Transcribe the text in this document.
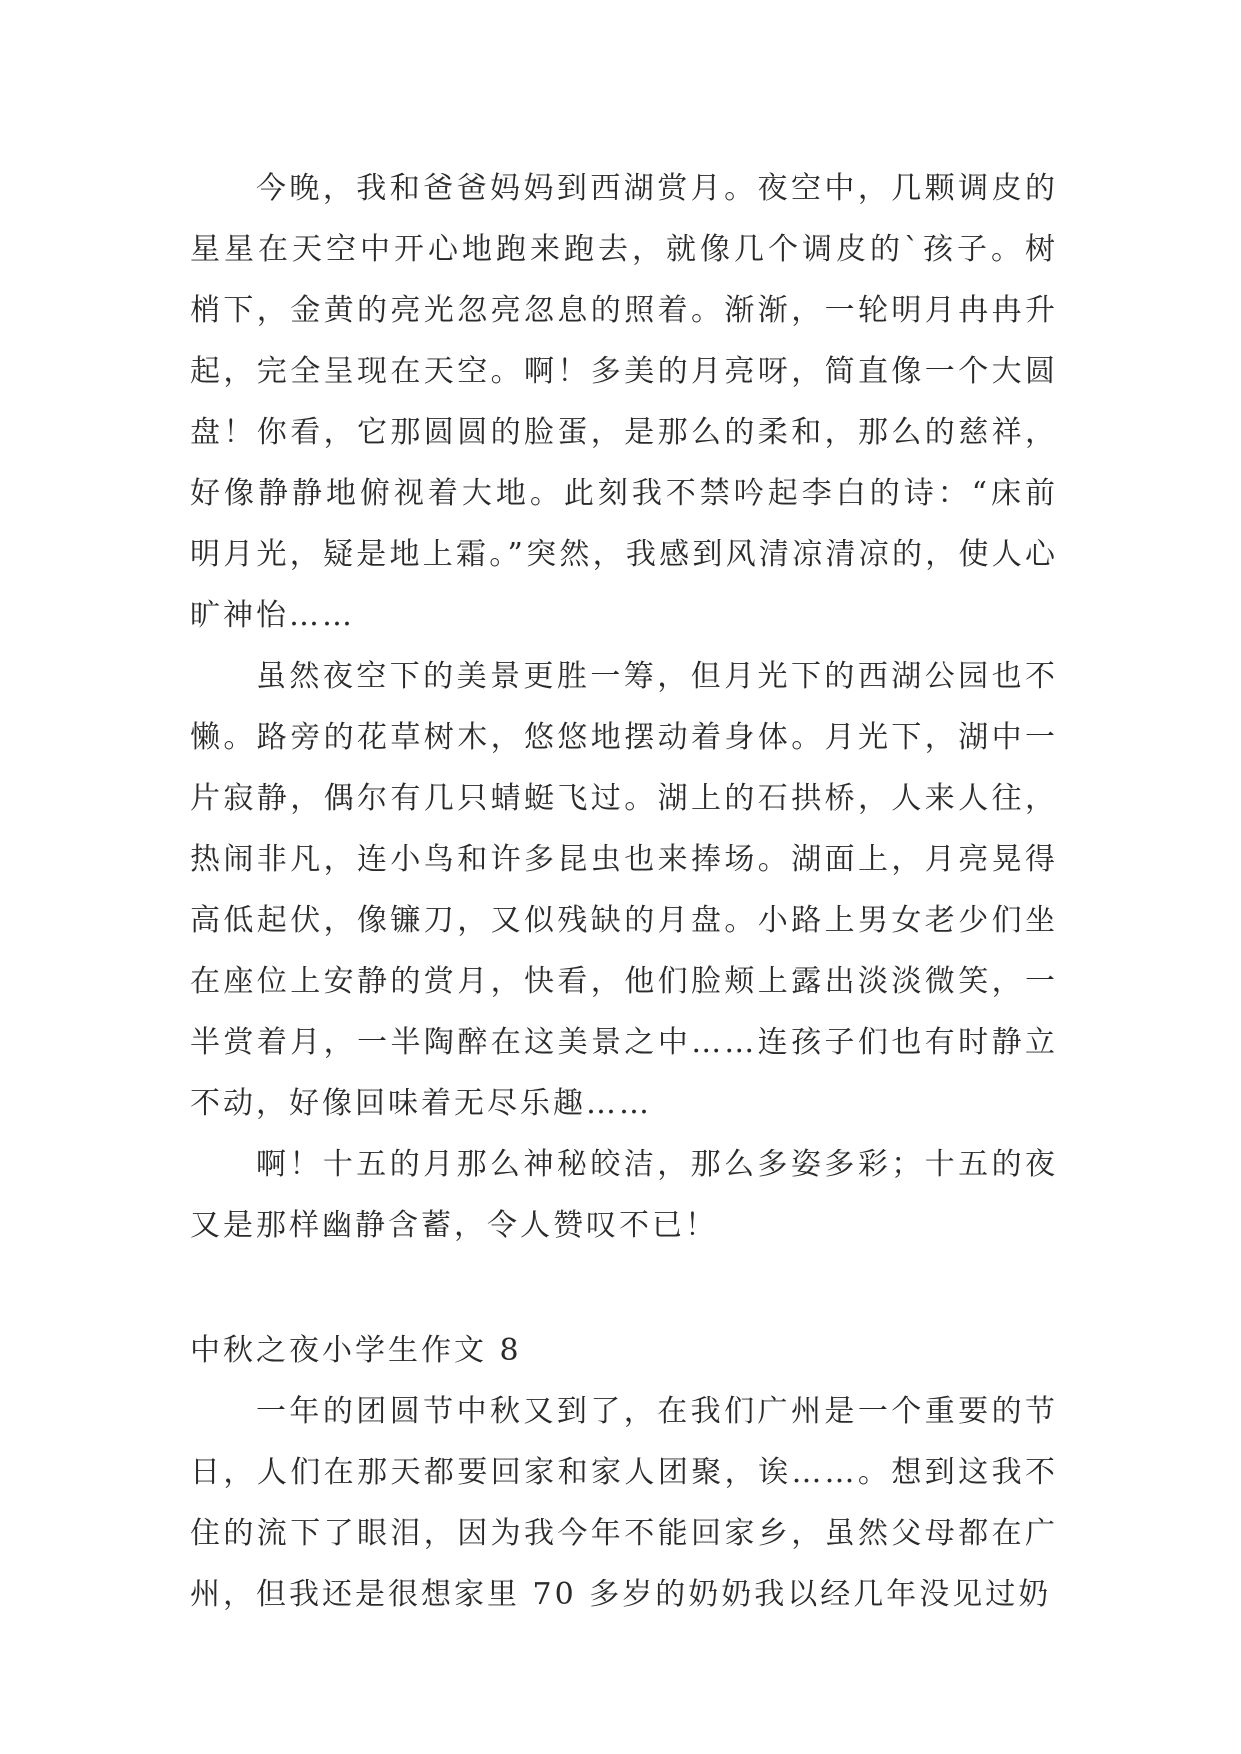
今晚，我和爸爸妈妈到西湖赏月。夜空中，几颗调皮的星星在天空中开心地跑来跑去，就像几个调皮的`孩子。树梢下，金黄的亮光忽亮忽息的照着。渐渐，一轮明月冉冉升起，完全呈现在天空。啊！多美的月亮呀，简直像一个大圆盘！你看，它那圆圆的脸蛋，是那么的柔和，那么的慈祥，好像静静地俯视着大地。此刻我不禁吟起李白的诗：“床前明月光，疑是地上霜。”突然，我感到风清凉清凉的，使人心旷神怡……

虽然夜空下的美景更胜一筹，但月光下的西湖公园也不懒。路旁的花草树木，悠悠地摆动着身体。月光下，湖中一片寂静，偶尔有几只蜻蜓飞过。湖上的石拱桥，人来人往，热闹非凡，连小鸟和许多昆虫也来捧场。湖面上，月亮晃得高低起伏，像镰刀，又似残缺的月盘。小路上男女老少们坐在座位上安静的赏月，快看，他们脸颊上露出淡淡微笑，一半赏着月，一半陶醉在这美景之中……连孩子们也有时静立不动，好像回味着无尽乐趣……

啊！十五的月那么神秘皎洁，那么多姿多彩；十五的夜又是那样幽静含蓄，令人赞叹不已！

中秋之夜小学生作文 8

一年的团圆节中秋又到了，在我们广州是一个重要的节日，人们在那天都要回家和家人团聚，诶……。想到这我不住的流下了眼泪，因为我今年不能回家乡，虽然父母都在广州，但我还是很想家里 70 多岁的奶奶我以经几年没见过奶
